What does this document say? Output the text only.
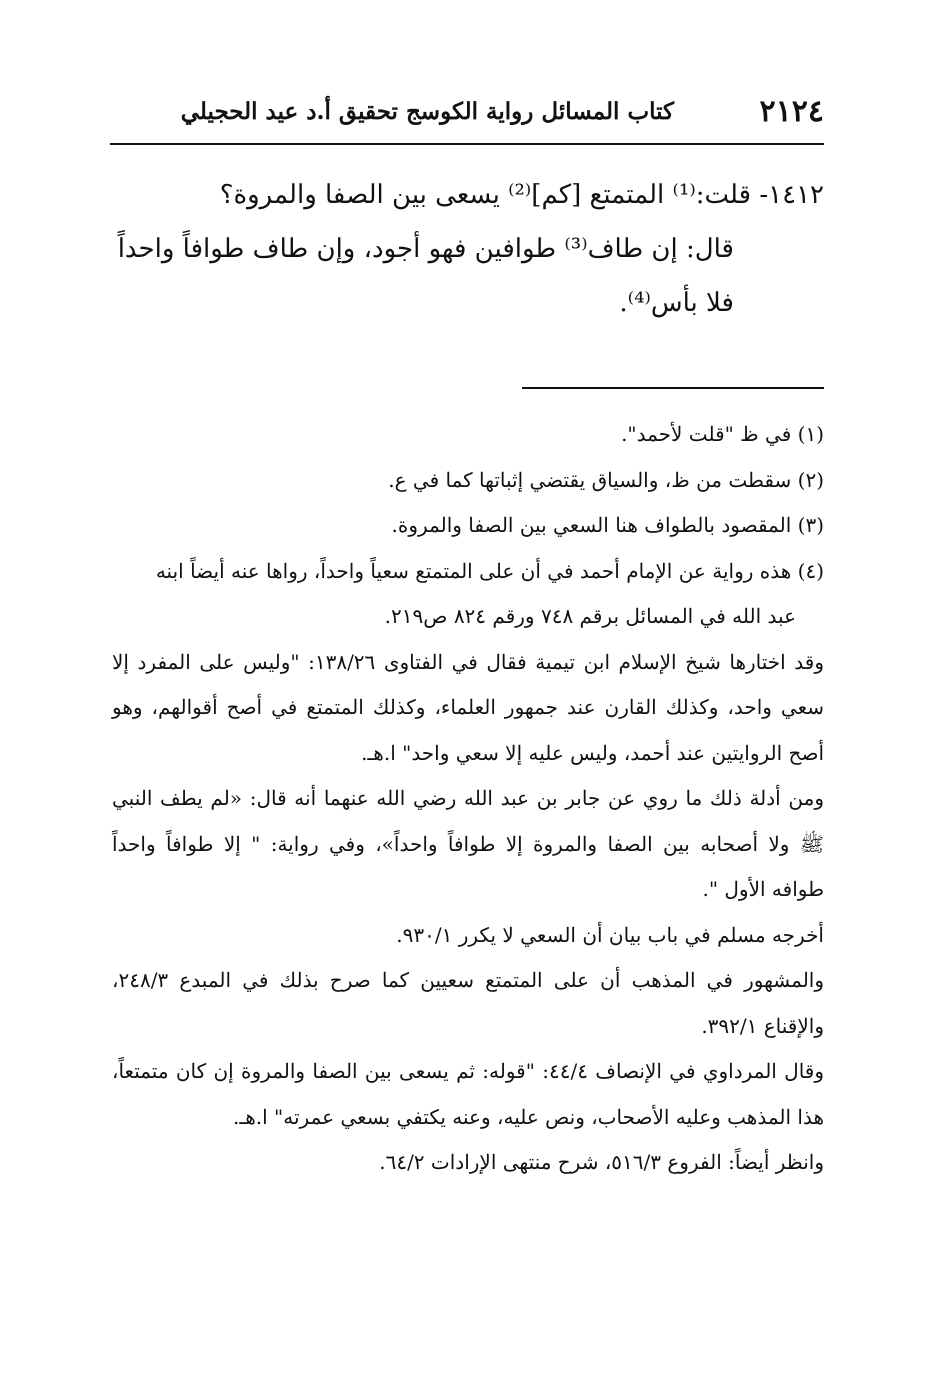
٢١٢٤
كتاب المسائل رواية الكوسج تحقيق أ.د عيد الحجيلي

١٤١٢- قلت:⁽¹⁾ المتمتع [كم]⁽²⁾ يسعى بين الصفا والمروة؟

قال: إن طاف⁽³⁾ طوافين فهو أجود، وإن طاف طوافاً واحداً

فلا بأس⁽⁴⁾.

(١) في ظ "قلت لأحمد".

(٢) سقطت من ظ، والسياق يقتضي إثباتها كما في ع.

(٣) المقصود بالطواف هنا السعي بين الصفا والمروة.

(٤) هذه رواية عن الإمام أحمد في أن على المتمتع سعياً واحداً، رواها عنه أيضاً ابنه

عبد الله في المسائل برقم ٧٤٨ ورقم ٨٢٤ ص٢١٩.

وقد اختارها شيخ الإسلام ابن تيمية فقال في الفتاوى ١٣٨/٢٦: "وليس على المفرد إلا سعي واحد، وكذلك القارن عند جمهور العلماء، وكذلك المتمتع في أصح أقوالهم، وهو أصح الروايتين عند أحمد، وليس عليه إلا سعي واحد" ا.هـ.

ومن أدلة ذلك ما روي عن جابر بن عبد الله رضي الله عنهما أنه قال: «لم يطف النبي ﷺ ولا أصحابه بين الصفا والمروة إلا طوافاً واحداً»، وفي رواية: " إلا طوافاً واحداً طوافه الأول ".

أخرجه مسلم في باب بيان أن السعي لا يكرر ٩٣٠/١.

والمشهور في المذهب أن على المتمتع سعيين كما صرح بذلك في المبدع ٢٤٨/٣، والإقناع ٣٩٢/١.

وقال المرداوي في الإنصاف ٤٤/٤: "قوله: ثم يسعى بين الصفا والمروة إن كان متمتعاً، هذا المذهب وعليه الأصحاب، ونص عليه، وعنه يكتفي بسعي عمرته" ا.هـ.

وانظر أيضاً: الفروع ٥١٦/٣، شرح منتهى الإرادات ٦٤/٢.
